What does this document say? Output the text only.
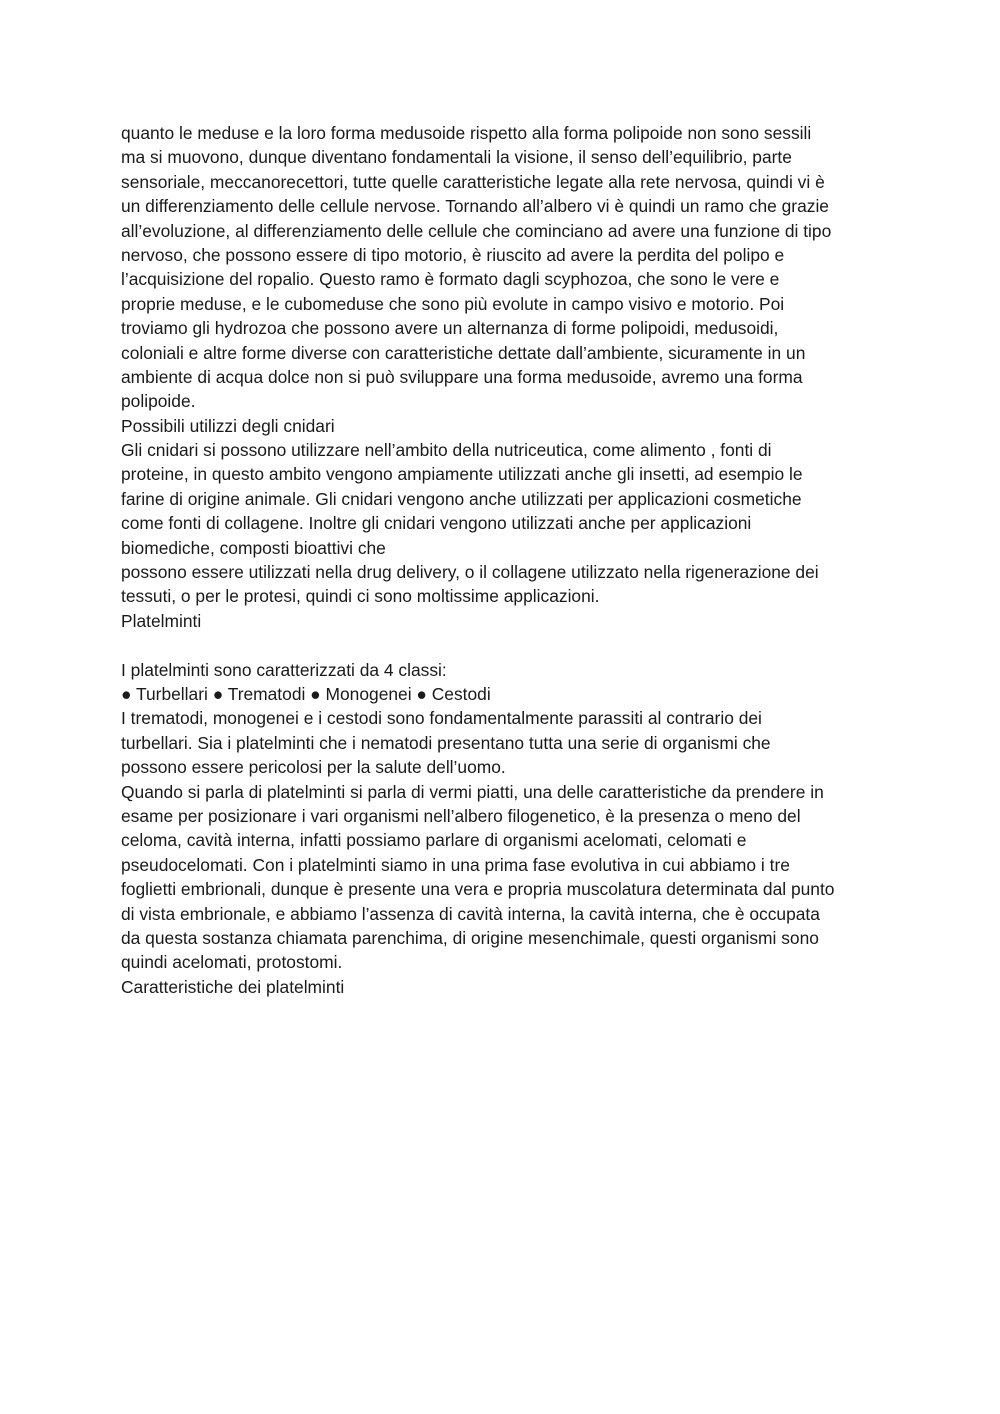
quanto le meduse e la loro forma medusoide rispetto alla forma polipoide non sono sessili
ma si muovono, dunque diventano fondamentali la visione, il senso dell’equilibrio, parte
sensoriale, meccanorecettori, tutte quelle caratteristiche legate alla rete nervosa, quindi vi è
un differenziamento delle cellule nervose. Tornando all’albero vi è quindi un ramo che grazie
all’evoluzione, al differenziamento delle cellule che cominciano ad avere una funzione di tipo
nervoso, che possono essere di tipo motorio, è riuscito ad avere la perdita del polipo e
l’acquisizione del ropalio. Questo ramo è formato dagli scyphozoa, che sono le vere e
proprie meduse, e le cubomeduse che sono più evolute in campo visivo e motorio. Poi
troviamo gli hydrozoa che possono avere un alternanza di forme polipoidi, medusoidi,
coloniali e altre forme diverse con caratteristiche dettate dall’ambiente, sicuramente in un
ambiente di acqua dolce non si può sviluppare una forma medusoide, avremo una forma
polipoide.
Possibili utilizzi degli cnidari
Gli cnidari si possono utilizzare nell’ambito della nutriceutica, come alimento , fonti di
proteine, in questo ambito vengono ampiamente utilizzati anche gli insetti, ad esempio le
farine di origine animale. Gli cnidari vengono anche utilizzati per applicazioni cosmetiche
come fonti di collagene. Inoltre gli cnidari vengono utilizzati anche per applicazioni
biomediche, composti bioattivi che
possono essere utilizzati nella drug delivery, o il collagene utilizzato nella rigenerazione dei
tessuti, o per le protesi, quindi ci sono moltissime applicazioni.
Platelminti
I platelminti sono caratterizzati da 4 classi:
● Turbellari ● Trematodi ● Monogenei ● Cestodi
I trematodi, monogenei e i cestodi sono fondamentalmente parassiti al contrario dei
turbellari. Sia i platelminti che i nematodi presentano tutta una serie di organismi che
possono essere pericolosi per la salute dell’uomo.
Quando si parla di platelminti si parla di vermi piatti, una delle caratteristiche da prendere in
esame per posizionare i vari organismi nell’albero filogenetico, è la presenza o meno del
celoma, cavità interna, infatti possiamo parlare di organismi acelomati, celomati e
pseudocelomati. Con i platelminti siamo in una prima fase evolutiva in cui abbiamo i tre
foglietti embrionali, dunque è presente una vera e propria muscolatura determinata dal punto
di vista embrionale, e abbiamo l’assenza di cavità interna, la cavità interna, che è occupata
da questa sostanza chiamata parenchima, di origine mesenchimale, questi organismi sono
quindi acelomati, protostomi.
Caratteristiche dei platelminti
